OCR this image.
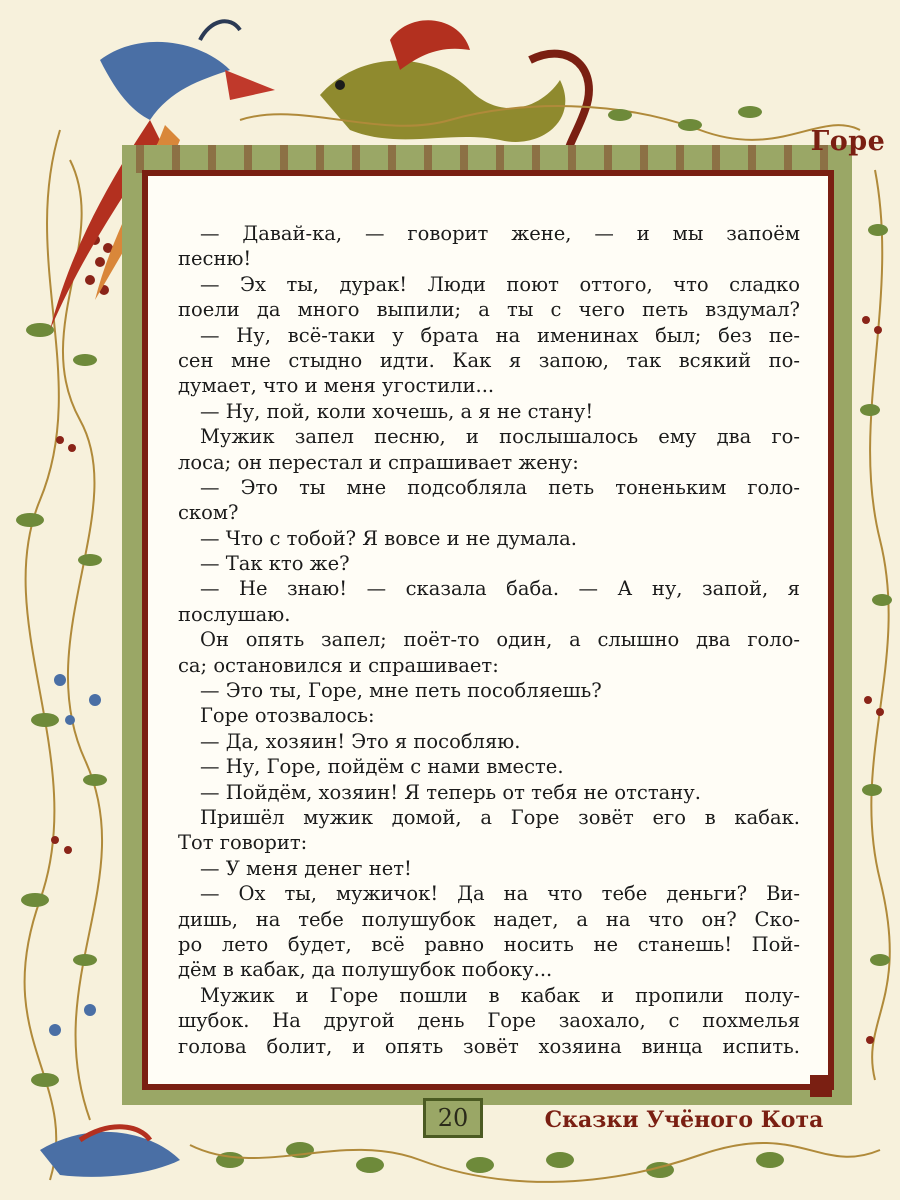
Горе
— Давай-ка, — говорит жене, — и мы запоём
песню!
— Эх ты, дурак! Люди поют оттого, что сладко
поели да много выпили; а ты с чего петь вздумал?
— Ну, всё-таки у брата на именинах был; без пе-
сен мне стыдно идти. Как я запою, так всякий по-
думает, что и меня угостили...
— Ну, пой, коли хочешь, а я не стану!
Мужик запел песню, и послышалось ему два го-
лоса; он перестал и спрашивает жену:
— Это ты мне подсобляла петь тоненьким голо-
ском?
— Что с тобой? Я вовсе и не думала.
— Так кто же?
— Не знаю! — сказала баба. — А ну, запой, я
послушаю.
Он опять запел; поёт-то один, а слышно два голо-
са; остановился и спрашивает:
— Это ты, Горе, мне петь пособляешь?
Горе отозвалось:
— Да, хозяин! Это я пособляю.
— Ну, Горе, пойдём с нами вместе.
— Пойдём, хозяин! Я теперь от тебя не отстану.
Пришёл мужик домой, а Горе зовёт его в кабак.
Тот говорит:
— У меня денег нет!
— Ох ты, мужичок! Да на что тебе деньги? Ви-
дишь, на тебе полушубок надет, а на что он? Ско-
ро лето будет, всё равно носить не станешь! Пой-
дём в кабак, да полушубок побоку...
Мужик и Горе пошли в кабак и пропили полу-
шубок. На другой день Горе заохало, с похмелья
голова болит, и опять зовёт хозяина винца испить.
20	Сказки Учёного Кота
